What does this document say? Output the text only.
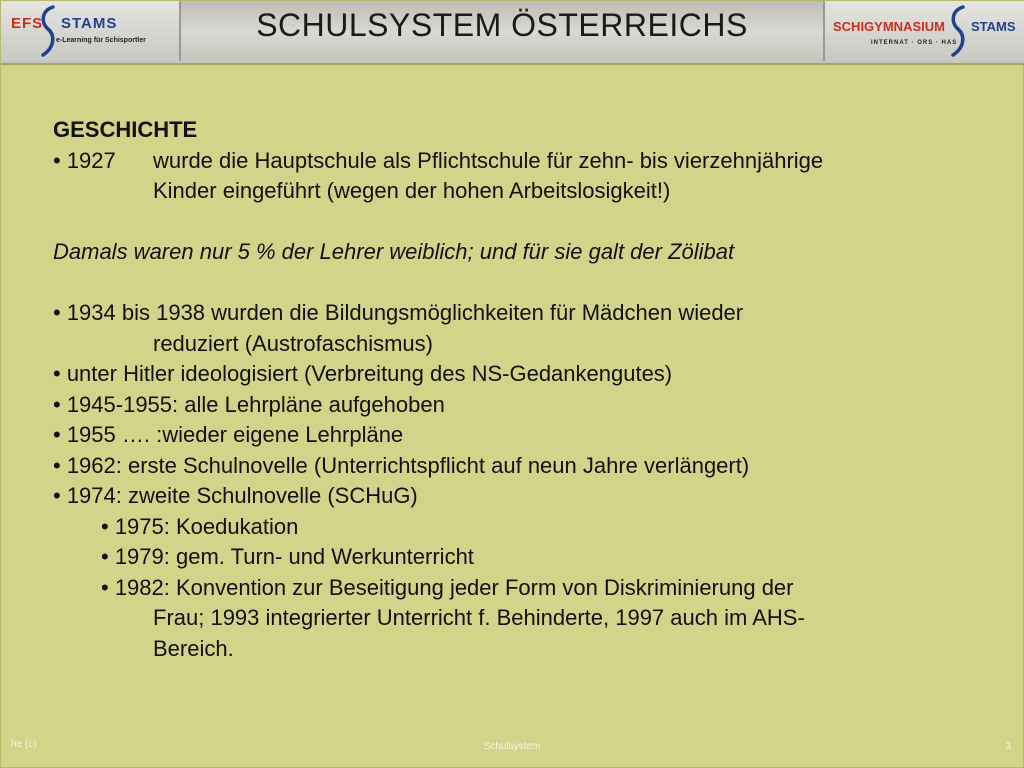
EFS STAMS
e-Learning für Schisportler	SCHULSYSTEM ÖSTERREICHS	SCHIGYMNASIUM STAMS
INTERNAT · ORS · HAS
GESCHICHTE
• 1927 wurde die Hauptschule als Pflichtschule für zehn- bis vierzehnjährige
Kinder eingeführt (wegen der hohen Arbeitslosigkeit!)
Damals waren nur 5 % der Lehrer weiblich; und für sie galt der Zölibat
• 1934 bis 1938 wurden die Bildungsmöglichkeiten für Mädchen wieder
reduziert (Austrofaschismus)
• unter Hitler ideologisiert (Verbreitung des NS-Gedankengutes)
• 1945-1955: alle Lehrpläne aufgehoben
• 1955 …. :wieder eigene Lehrpläne
• 1962: erste Schulnovelle (Unterrichtspflicht auf neun Jahre verlängert)
• 1974: zweite Schulnovelle (SCHuG)
• 1975: Koedukation
• 1979: gem. Turn- und Werkunterricht
• 1982: Konvention zur Beseitigung jeder Form von Diskriminierung der
Frau; 1993 integrierter Unterricht f. Behinderte, 1997 auch im AHS-
Bereich.
he (c)	Schulsystem	3
